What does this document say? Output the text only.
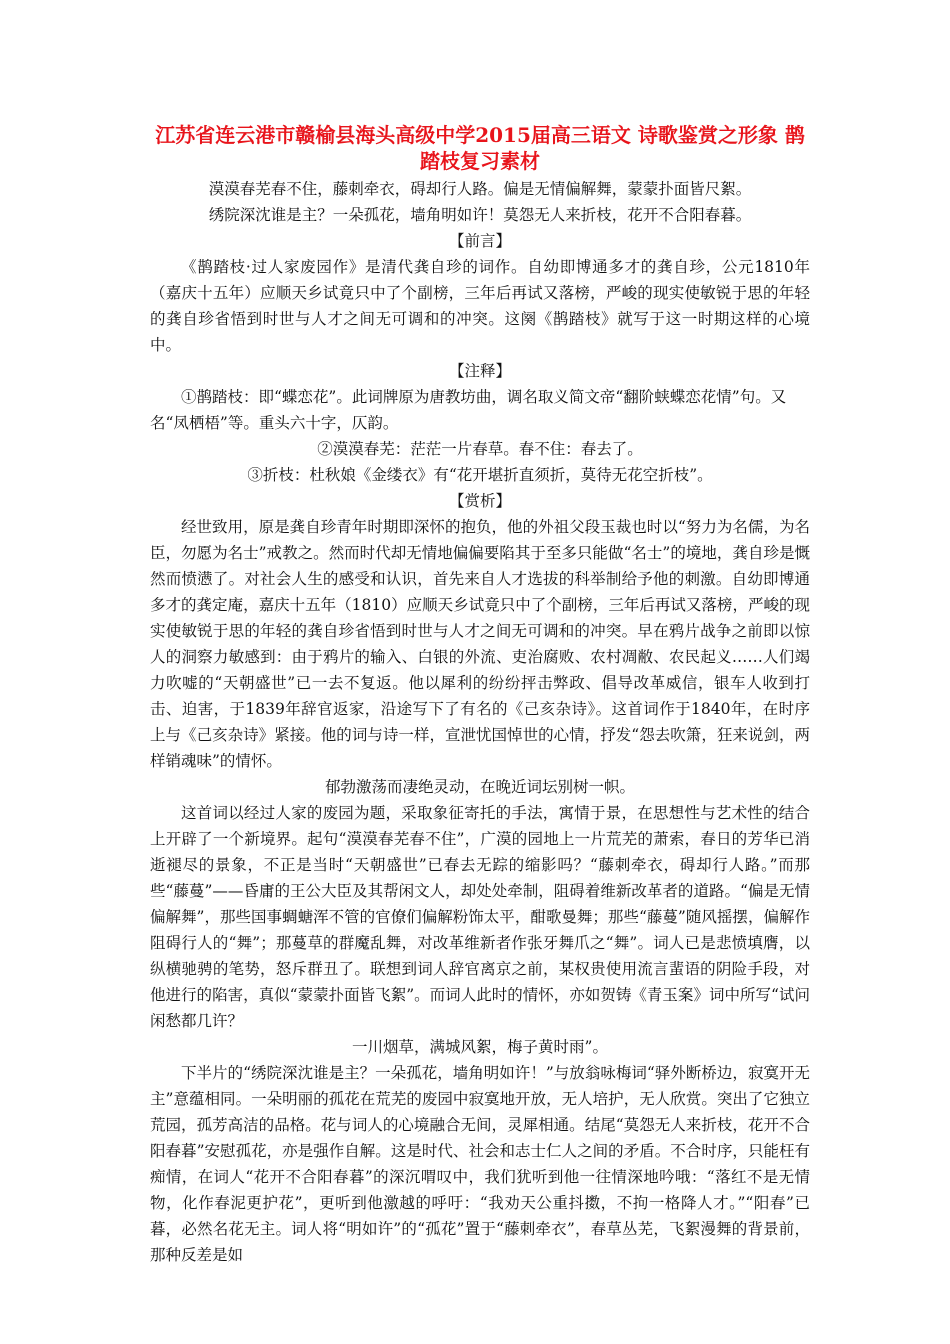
江苏省连云港市赣榆县海头高级中学2015届高三语文 诗歌鉴赏之形象 鹊踏枝复习素材

漠漠春芜春不住，藤刺牵衣，碍却行人路。偏是无情偏解舞，蒙蒙扑面皆尺絮。

绣院深沈谁是主？一朵孤花，墙角明如许！莫怨无人来折枝，花开不合阳春暮。

【前言】

《鹊踏枝·过人家废园作》是清代龚自珍的词作。自幼即博通多才的龚自珍，公元1810年（嘉庆十五年）应顺天乡试竟只中了个副榜，三年后再试又落榜，严峻的现实使敏锐于思的年轻的龚自珍省悟到时世与人才之间无可调和的冲突。这阕《鹊踏枝》就写于这一时期这样的心境中。

【注释】

①鹊踏枝：即“蝶恋花”。此词牌原为唐教坊曲，调名取义简文帝“翻阶蛱蝶恋花情”句。又名“凤栖梧”等。重头六十字，仄韵。

②漠漠春芜：茫茫一片春草。春不住：春去了。

③折枝：杜秋娘《金缕衣》有“花开堪折直须折，莫待无花空折枝”。

【赏析】

经世致用，原是龚自珍青年时期即深怀的抱负，他的外祖父段玉裁也时以“努力为名儒，为名臣，勿愿为名士”戒教之。然而时代却无情地偏偏要陷其于至多只能做“名士”的境地，龚自珍是慨然而愤懑了。对社会人生的感受和认识，首先来自人才选拔的科举制给予他的刺激。自幼即博通多才的龚定庵，嘉庆十五年（1810）应顺天乡试竟只中了个副榜，三年后再试又落榜，严峻的现实使敏锐于思的年轻的龚自珍省悟到时世与人才之间无可调和的冲突。早在鸦片战争之前即以惊人的洞察力敏感到：由于鸦片的输入、白银的外流、吏治腐败、农村凋敝、农民起义……人们竭力吹嘘的“天朝盛世”已一去不复返。他以犀利的纷纷抨击弊政、倡导改革威信，银车人收到打击、迫害，于1839年辞官返家，沿途写下了有名的《己亥杂诗》。这首词作于1840年，在时序上与《己亥杂诗》紧接。他的词与诗一样，宣泄忧国悼世的心情，抒发“怨去吹箫，狂来说剑，两样销魂味”的情怀。

郁勃激荡而凄绝灵动，在晚近词坛别树一帜。

这首词以经过人家的废园为题，采取象征寄托的手法，寓情于景，在思想性与艺术性的结合上开辟了一个新境界。起句“漠漠春芜春不住”，广漠的园地上一片荒芜的萧索，春日的芳华已消逝褪尽的景象，不正是当时“天朝盛世”已春去无踪的缩影吗？“藤刺牵衣，碍却行人路。”而那些“藤蔓”——昏庸的王公大臣及其帮闲文人，却处处牵制，阻碍着维新改革者的道路。“偏是无情偏解舞”，那些国事蜩螗浑不管的官僚们偏解粉饰太平，酣歌曼舞；那些“藤蔓”随风摇摆，偏解作阻碍行人的“舞”；那蔓草的群魔乱舞，对改革维新者作张牙舞爪之“舞”。词人已是悲愤填膺，以纵横驰骋的笔势，怒斥群丑了。联想到词人辞官离京之前，某权贵使用流言蜚语的阴险手段，对他进行的陷害，真似“蒙蒙扑面皆飞絮”。而词人此时的情怀，亦如贺铸《青玉案》词中所写“试问闲愁都几许？

一川烟草，满城风絮，梅子黄时雨”。

下半片的“绣院深沈谁是主？一朵孤花，墙角明如许！”与放翁咏梅词“驿外断桥边，寂寞开无主”意蕴相同。一朵明丽的孤花在荒芜的废园中寂寞地开放，无人培护，无人欣赏。突出了它独立荒园，孤芳高洁的品格。花与词人的心境融合无间，灵犀相通。结尾“莫怨无人来折枝，花开不合阳春暮”安慰孤花，亦是强作自解。这是时代、社会和志士仁人之间的矛盾。不合时序，只能枉有痴情，在词人“花开不合阳春暮”的深沉喟叹中，我们犹听到他一往情深地吟哦：“落红不是无情物，化作春泥更护花”，更听到他激越的呼吁：“我劝天公重抖擞，不拘一格降人才。”“阳春”已暮，必然名花无主。词人将“明如许”的“孤花”置于“藤刺牵衣”，春草丛芜，飞絮漫舞的背景前，那种反差是如
